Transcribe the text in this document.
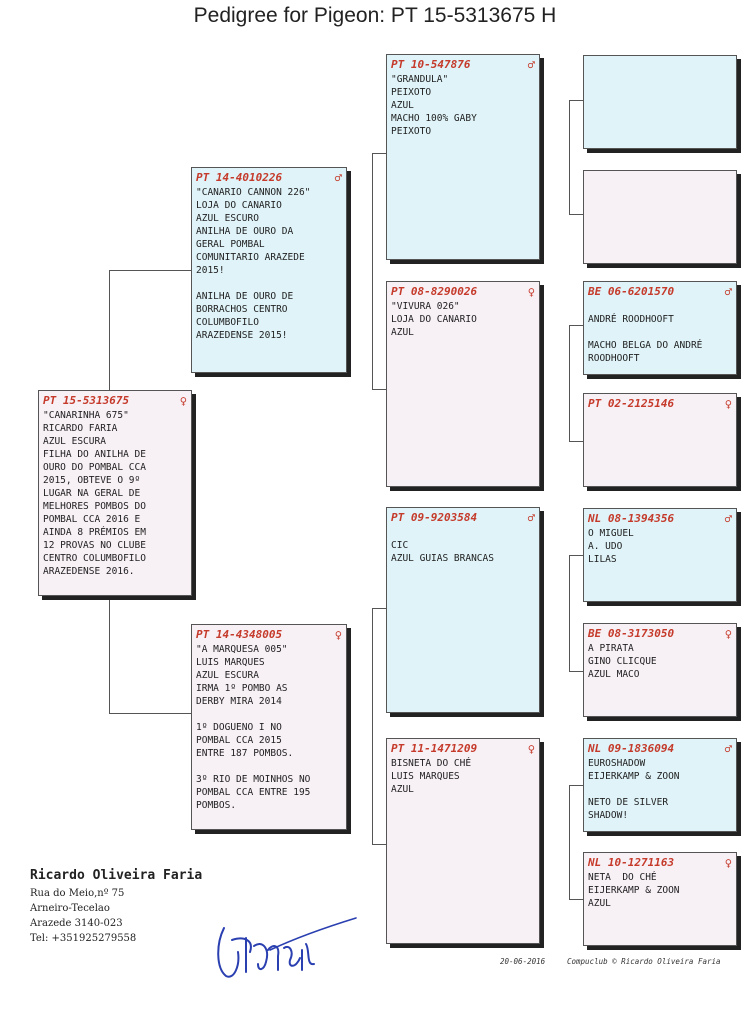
Pedigree for Pigeon: PT 15-5313675 H
PT 15-5313675	♀
"CANARINHA 675"
RICARDO FARIA
AZUL ESCURA
FILHA DO ANILHA DE
OURO DO POMBAL CCA
2015, OBTEVE O 9º
LUGAR NA GERAL DE
MELHORES POMBOS DO
POMBAL CCA 2016 E
AINDA 8 PRÉMIOS EM
12 PROVAS NO CLUBE
CENTRO COLUMBOFILO
ARAZEDENSE 2016.
PT 14-4010226	♂
"CANARIO CANNON 226"
LOJA DO CANARIO
AZUL ESCURO
ANILHA DE OURO DA
GERAL POMBAL
COMUNITARIO ARAZEDE
2015!
ANILHA DE OURO DE
BORRACHOS CENTRO
COLUMBOFILO
ARAZEDENSE 2015!
PT 14-4348005	♀
"A MARQUESA 005"
LUIS MARQUES
AZUL ESCURA
IRMA 1º POMBO AS
DERBY MIRA 2014
1º DOGUENO I NO
POMBAL CCA 2015
ENTRE 187 POMBOS.
3º RIO DE MOINHOS NO
POMBAL CCA ENTRE 195
POMBOS.
PT 10-547876	♂
"GRANDULA"
PEIXOTO
AZUL
MACHO 100% GABY
PEIXOTO
PT 08-8290026	♀
"VIVURA 026"
LOJA DO CANARIO
AZUL
PT 09-9203584	♂
CIC
AZUL GUIAS BRANCAS
PT 11-1471209	♀
BISNETA DO CHÉ
LUIS MARQUES
AZUL
BE 06-6201570	♂
ANDRÉ ROODHOOFT
MACHO BELGA DO ANDRÉ
ROODHOOFT
PT 02-2125146	♀
NL 08-1394356	♂
O MIGUEL
A. UDO
LILAS
BE 08-3173050	♀
A PIRATA
GINO CLICQUE
AZUL MACO
NL 09-1836094	♂
EUROSHADOW
EIJERKAMP & ZOON
NETO DE SILVER
SHADOW!
NL 10-1271163	♀
NETA  DO CHÉ
EIJERKAMP & ZOON
AZUL
Ricardo Oliveira Faria
Rua do Meio,nº 75
Arneiro-Tecelao
Arazede 3140-023
Tel: +351925279558
20-06-2016	Compuclub © Ricardo Oliveira Faria
